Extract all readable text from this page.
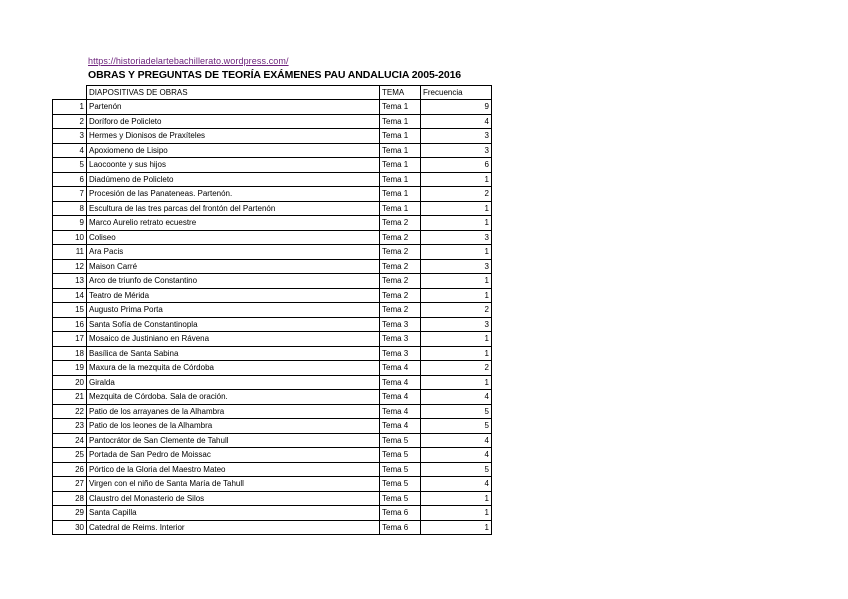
https://historiadelartebachillerato.wordpress.com/
OBRAS Y PREGUNTAS DE TEORÍA EXÁMENES PAU ANDALUCIA 2005-2016
	DIAPOSITIVAS DE OBRAS	TEMA	Frecuencia
1	Partenón	Tema 1	9
2	Doríforo de Policleto	Tema 1	4
3	Hermes y Dionisos de Praxíteles	Tema 1	3
4	Apoxiomeno de Lisipo	Tema 1	3
5	Laocoonte y sus hijos	Tema 1	6
6	Diadúmeno de Policleto	Tema 1	1
7	Procesión de las Panateneas. Partenón.	Tema 1	2
8	Escultura de las tres parcas del frontón del Partenón	Tema 1	1
9	Marco Aurelio retrato ecuestre	Tema 2	1
10	Coliseo	Tema 2	3
11	Ara Pacis	Tema 2	1
12	Maison Carré	Tema 2	3
13	Arco de triunfo de Constantino	Tema 2	1
14	Teatro de Mérida	Tema 2	1
15	Augusto Prima Porta	Tema 2	2
16	Santa Sofía de Constantinopla	Tema 3	3
17	Mosaico de Justiniano en Rávena	Tema 3	1
18	Basílica de Santa Sabina	Tema 3	1
19	Maxura de la mezquita de Córdoba	Tema 4	2
20	Giralda	Tema 4	1
21	Mezquita de Córdoba. Sala de oración.	Tema 4	4
22	Patio de los arrayanes de la Alhambra	Tema 4	5
23	Patio de los leones de la Alhambra	Tema 4	5
24	Pantocrátor de San Clemente de Tahull	Tema 5	4
25	Portada de San Pedro de Moissac	Tema 5	4
26	Pórtico de la Gloria del Maestro Mateo	Tema 5	5
27	Virgen con el niño de Santa María de Tahull	Tema 5	4
28	Claustro del Monasterio de Silos	Tema 5	1
29	Santa Capilla	Tema 6	1
30	Catedral de Reims. Interior	Tema 6	1
